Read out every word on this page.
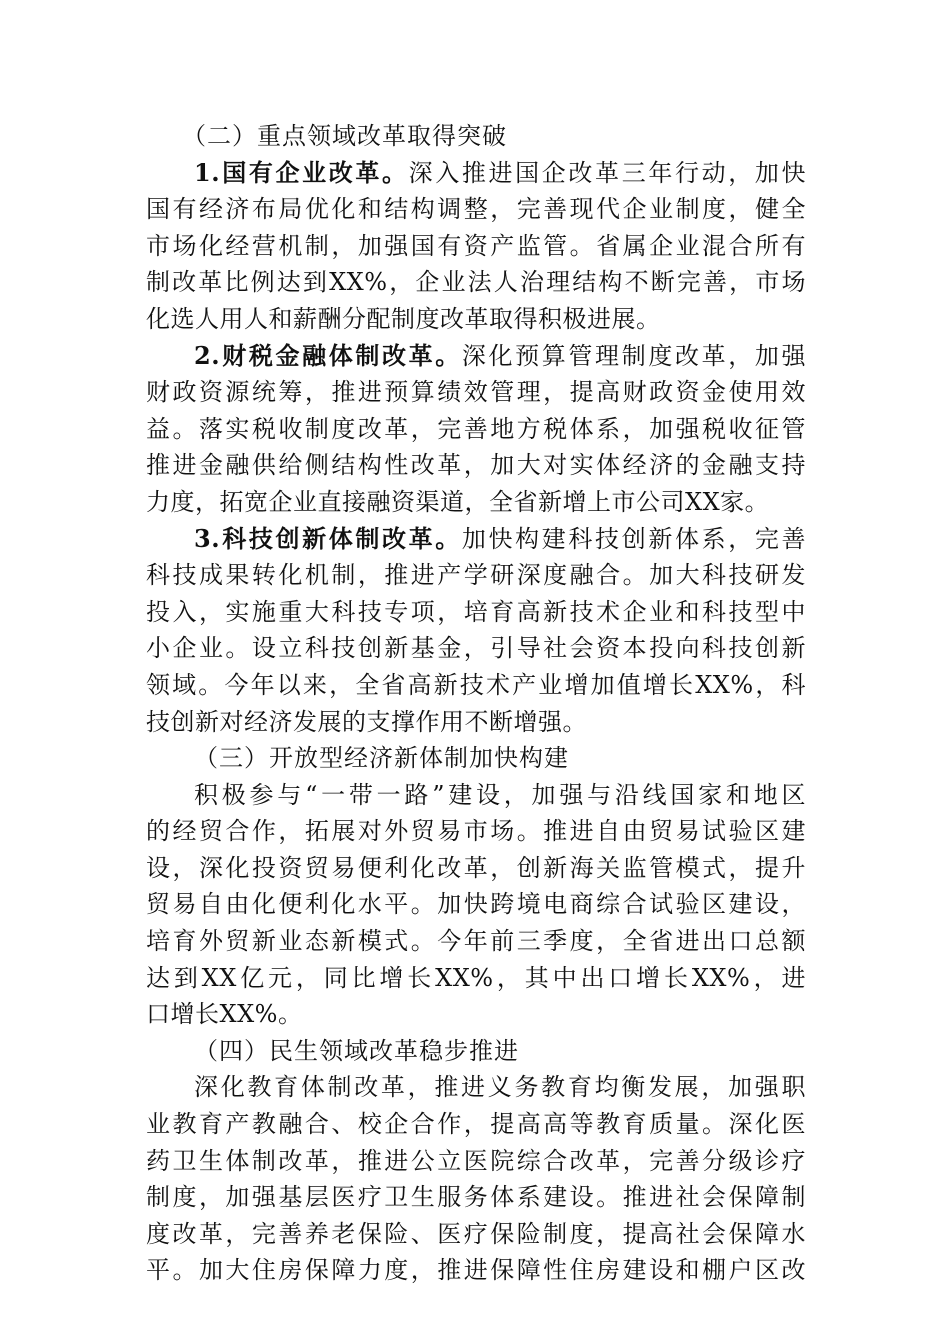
（二）重点领域改革取得突破
1.国有企业改革。深入推进国企改革三年行动，加快
国有经济布局优化和结构调整，完善现代企业制度，健全
市场化经营机制，加强国有资产监管。省属企业混合所有
制改革比例达到XX%，企业法人治理结构不断完善，市场
化选人用人和薪酬分配制度改革取得积极进展。
2.财税金融体制改革。深化预算管理制度改革，加强
财政资源统筹，推进预算绩效管理，提高财政资金使用效
益。落实税收制度改革，完善地方税体系，加强税收征管
推进金融供给侧结构性改革，加大对实体经济的金融支持
力度，拓宽企业直接融资渠道，全省新增上市公司XX家。
3.科技创新体制改革。加快构建科技创新体系，完善
科技成果转化机制，推进产学研深度融合。加大科技研发
投入，实施重大科技专项，培育高新技术企业和科技型中
小企业。设立科技创新基金，引导社会资本投向科技创新
领域。今年以来，全省高新技术产业增加值增长XX%，科
技创新对经济发展的支撑作用不断增强。
（三）开放型经济新体制加快构建
积极参与“一带一路”建设，加强与沿线国家和地区
的经贸合作，拓展对外贸易市场。推进自由贸易试验区建
设，深化投资贸易便利化改革，创新海关监管模式，提升
贸易自由化便利化水平。加快跨境电商综合试验区建设，
培育外贸新业态新模式。今年前三季度，全省进出口总额
达到XX亿元，同比增长XX%，其中出口增长XX%，进
口增长XX%。
（四）民生领域改革稳步推进
深化教育体制改革，推进义务教育均衡发展，加强职
业教育产教融合、校企合作，提高高等教育质量。深化医
药卫生体制改革，推进公立医院综合改革，完善分级诊疗
制度，加强基层医疗卫生服务体系建设。推进社会保障制
度改革，完善养老保险、医疗保险制度，提高社会保障水
平。加大住房保障力度，推进保障性住房建设和棚户区改
